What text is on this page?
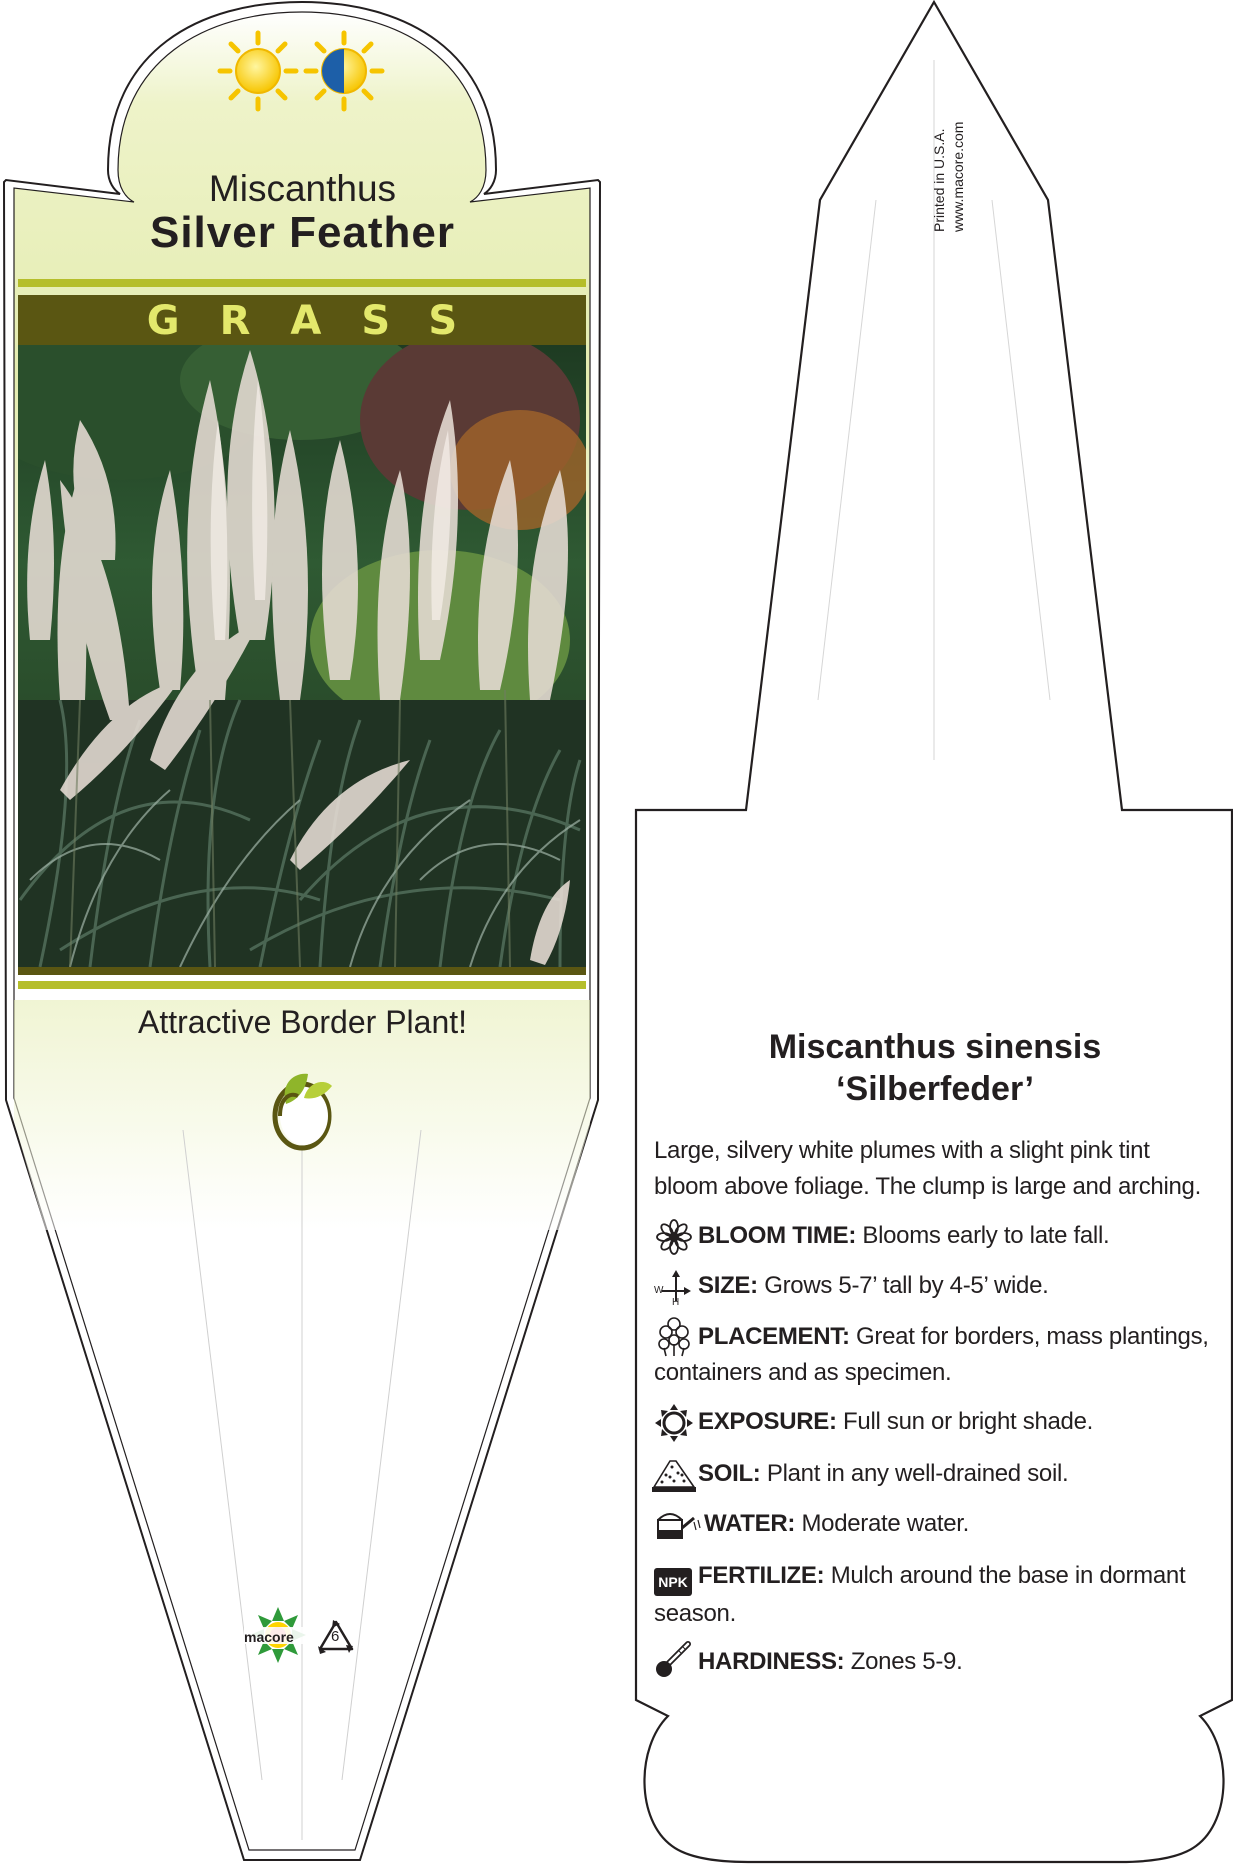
W
H
Miscanthus
Silver Feather
GRASS
Attractive Border Plant!
macore 6
Printed in U.S.A. www.macore.com
Miscanthus sinensis
‘Silberfeder’
Large, silvery white plumes with a slight pink tint bloom above foliage. The clump is large and arching.
BLOOM TIME: Blooms early to late fall.
SIZE: Grows 5-7’ tall by 4-5’ wide.
PLACEMENT: Great for borders, mass plantings, containers and as specimen.
EXPOSURE: Full sun or bright shade.
SOIL: Plant in any well-drained soil.
WATER: Moderate water.
NPK FERTILIZE: Mulch around the base in dormant season.
HARDINESS: Zones 5-9.
